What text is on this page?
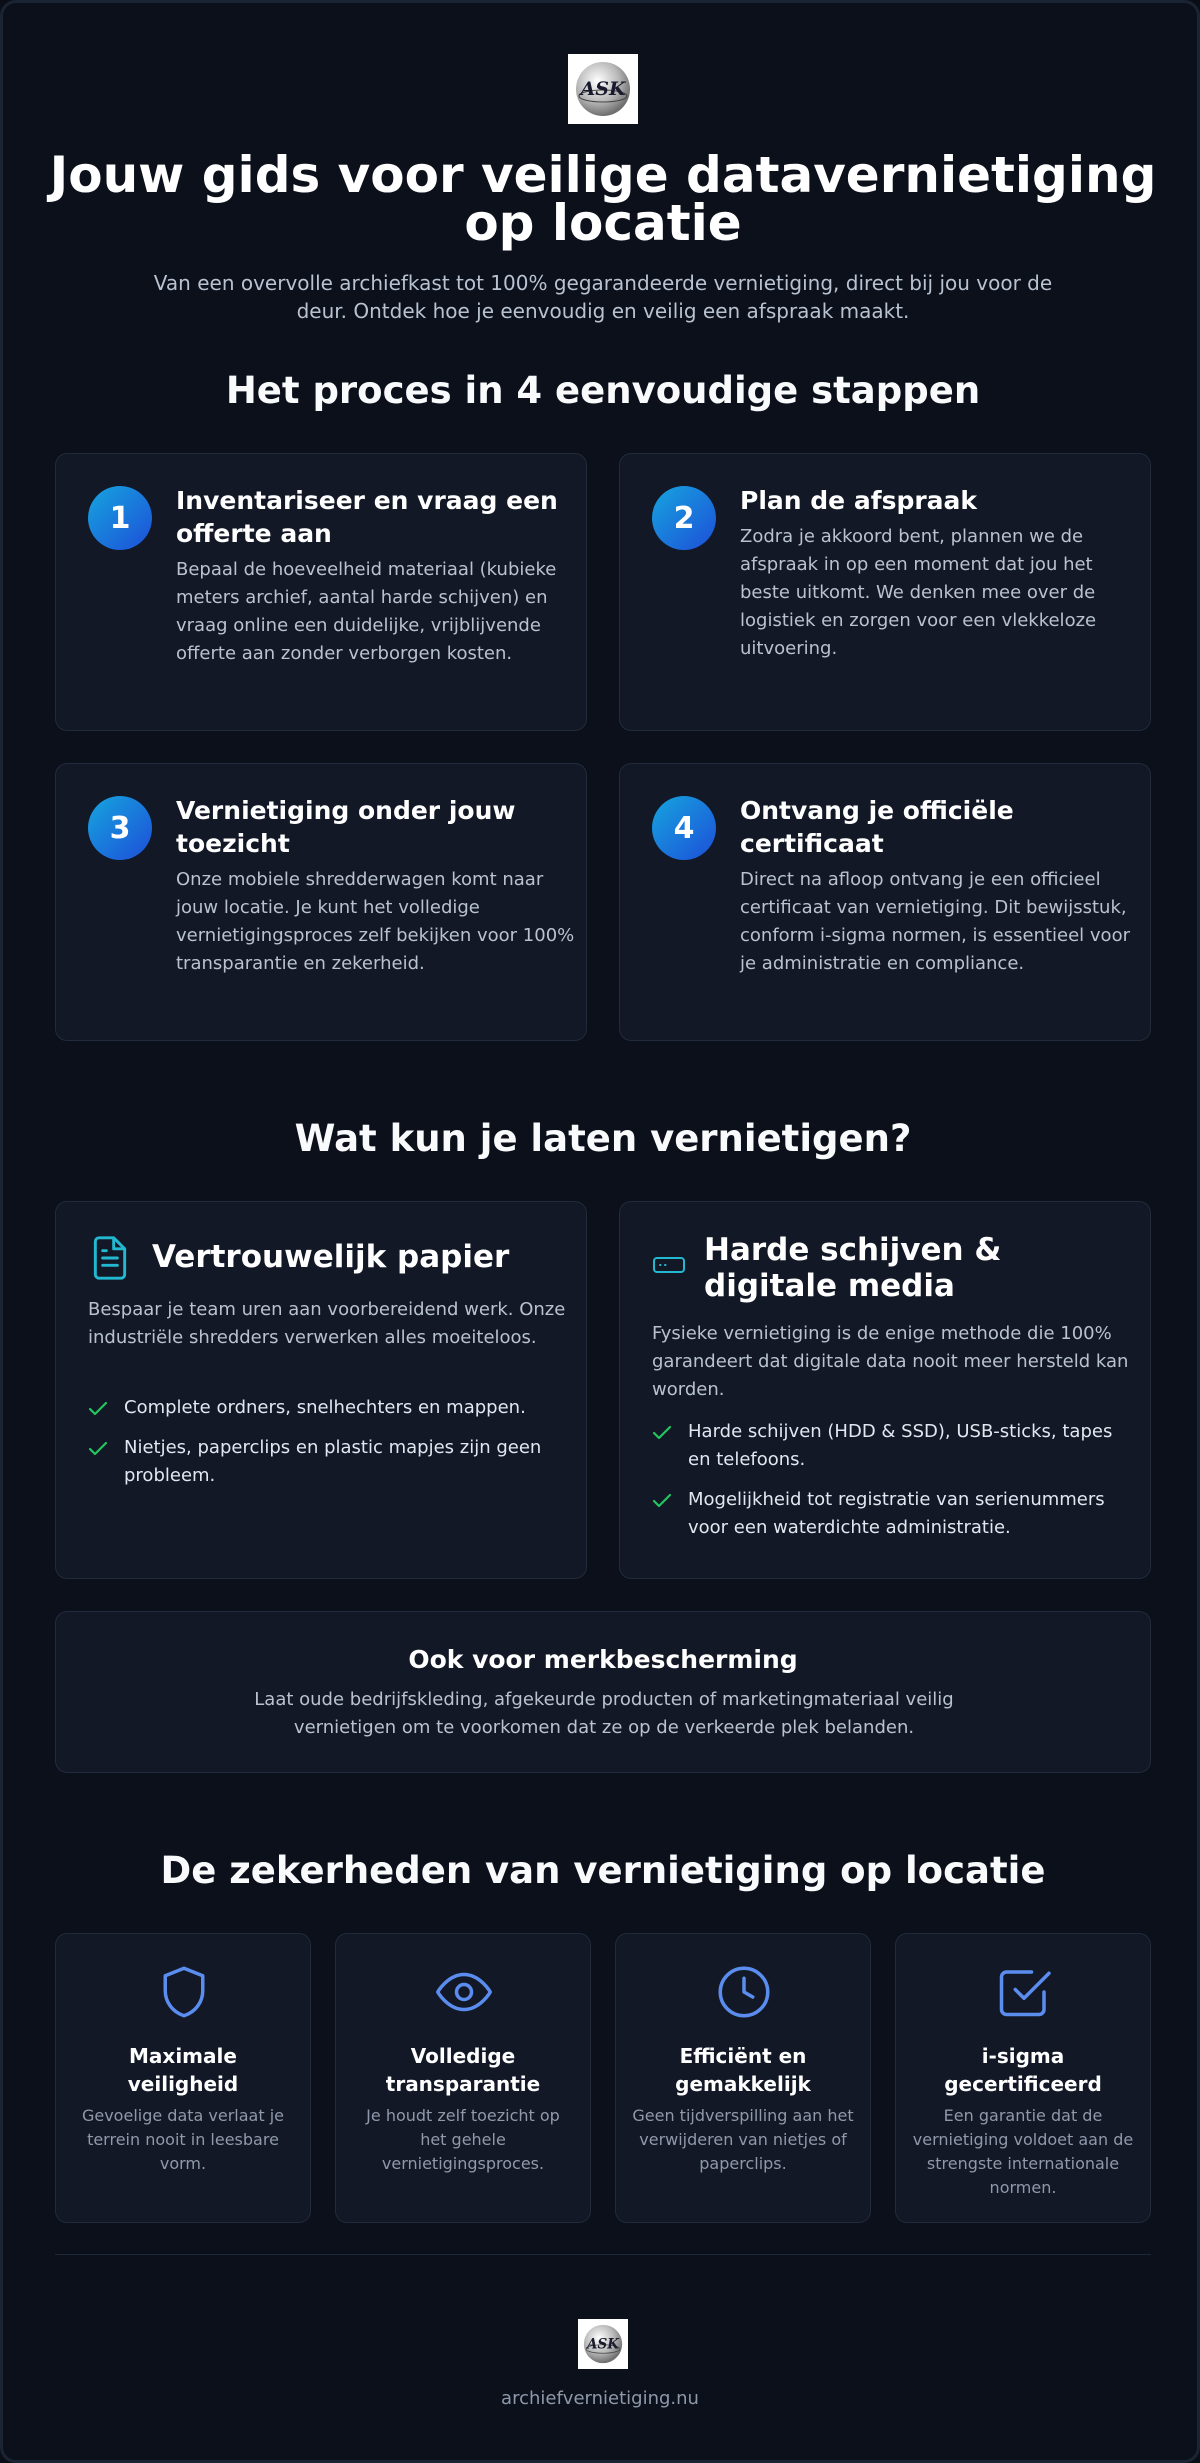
ASK
Jouw gids voor veilige datavernietiging op locatie

Van een overvolle archiefkast tot 100% gegarandeerde vernietiging, direct bij jou voor de deur. Ontdek hoe je eenvoudig en veilig een afspraak maakt.

Het proces in 4 eenvoudige stappen
1	Inventariseer en vraag een offerte aan

Bepaal de hoeveelheid materiaal (kubieke meters archief, aantal harde schijven) en vraag online een duidelijke, vrijblijvende offerte aan zonder verborgen kosten.

2	Plan de afspraak

Zodra je akkoord bent, plannen we de afspraak in op een moment dat jou het beste uitkomt. We denken mee over de logistiek en zorgen voor een vlekkeloze uitvoering.

3	Vernietiging onder jouw toezicht

Onze mobiele shredderwagen komt naar jouw locatie. Je kunt het volledige vernietigingsproces zelf bekijken voor 100% transparantie en zekerheid.

4	Ontvang je officiële certificaat

Direct na afloop ontvang je een officieel certificaat van vernietiging. Dit bewijsstuk, conform i-sigma normen, is essentieel voor je administratie en compliance.

Wat kun je laten vernietigen?
Vertrouwelijk papier

Bespaar je team uren aan voorbereidend werk. Onze industriële shredders verwerken alles moeiteloos.

Complete ordners, snelhechters en mappen.
Nietjes, paperclips en plastic mapjes zijn geen probleem.
Harde schijven & digitale media

Fysieke vernietiging is de enige methode die 100% garandeert dat digitale data nooit meer hersteld kan worden.

Harde schijven (HDD & SSD), USB-sticks, tapes en telefoons.
Mogelijkheid tot registratie van serienummers voor een waterdichte administratie.
Ook voor merkbescherming

Laat oude bedrijfskleding, afgekeurde producten of marketingmateriaal veilig vernietigen om te voorkomen dat ze op de verkeerde plek belanden.

De zekerheden van vernietiging op locatie
Maximale veiligheid

Gevoelige data verlaat je terrein nooit in leesbare vorm.

Volledige transparantie

Je houdt zelf toezicht op het gehele vernietigingsproces.

Efficiënt en gemakkelijk

Geen tijdverspilling aan het verwijderen van nietjes of paperclips.

i-sigma gecertificeerd

Een garantie dat de vernietiging voldoet aan de strengste internationale normen.

ASK

archiefvernietiging.nu
